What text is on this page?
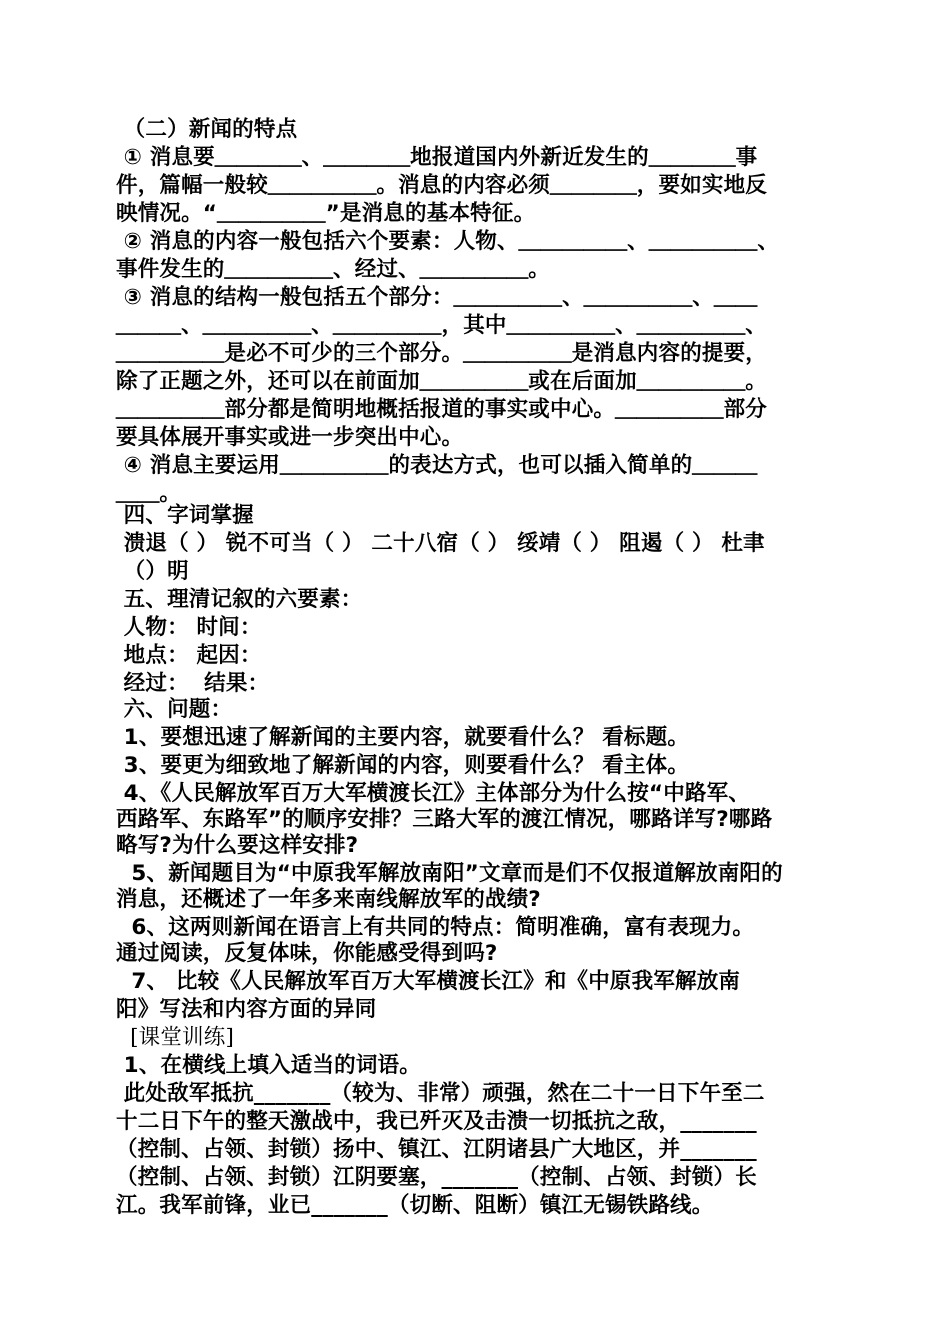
（二）新闻的特点
① 消息要＿＿＿＿、＿＿＿＿地报道国内外新近发生的＿＿＿＿事
件，篇幅一般较＿＿＿＿＿。消息的内容必须＿＿＿＿，要如实地反
映情况。“＿＿＿＿＿”是消息的基本特征。
② 消息的内容一般包括六个要素：人物、＿＿＿＿＿、＿＿＿＿＿、
事件发生的＿＿＿＿＿、经过、＿＿＿＿＿。
③ 消息的结构一般包括五个部分：＿＿＿＿＿、＿＿＿＿＿、＿＿
＿＿＿、＿＿＿＿＿、＿＿＿＿＿，其中＿＿＿＿＿、＿＿＿＿＿、
＿＿＿＿＿是必不可少的三个部分。＿＿＿＿＿是消息内容的提要，
除了正题之外，还可以在前面加＿＿＿＿＿或在后面加＿＿＿＿＿。
＿＿＿＿＿部分都是简明地概括报道的事实或中心。＿＿＿＿＿部分
要具体展开事实或进一步突出中心。
④ 消息主要运用＿＿＿＿＿的表达方式，也可以插入简单的＿＿＿
＿＿。
四、字词掌握
溃退（ ） 锐不可当（ ） 二十八宿（ ） 绥靖（ ） 阻遏（ ） 杜聿
（）明
五、理清记叙的六要素：
人物： 时间：
地点： 起因：
经过：  结果：
六、问题：
1、要想迅速了解新闻的主要内容，就要看什么？ 看标题。
3、要更为细致地了解新闻的内容，则要看什么？ 看主体。
4、《人民解放军百万大军横渡长江》主体部分为什么按“中路军、
西路军、东路军”的顺序安排？三路大军的渡江情况，哪路详写?哪路
略写?为什么要这样安排?
5、新闻题目为“中原我军解放南阳”文章而是们不仅报道解放南阳的
消息，还概述了一年多来南线解放军的战绩?
6、这两则新闻在语言上有共同的特点：简明准确，富有表现力。
通过阅读，反复体味，你能感受得到吗?
7、 比较《人民解放军百万大军横渡长江》和《中原我军解放南
阳》写法和内容方面的异同
[课堂训练]
1、在横线上填入适当的词语。
此处敌军抵抗_______（较为、非常）顽强，然在二十一日下午至二
十二日下午的整天激战中，我已歼灭及击溃一切抵抗之敌，_______
（控制、占领、封锁）扬中、镇江、江阴诸县广大地区，并_______
（控制、占领、封锁）江阴要塞，_______（控制、占领、封锁）长
江。我军前锋，业已_______（切断、阻断）镇江无锡铁路线。
